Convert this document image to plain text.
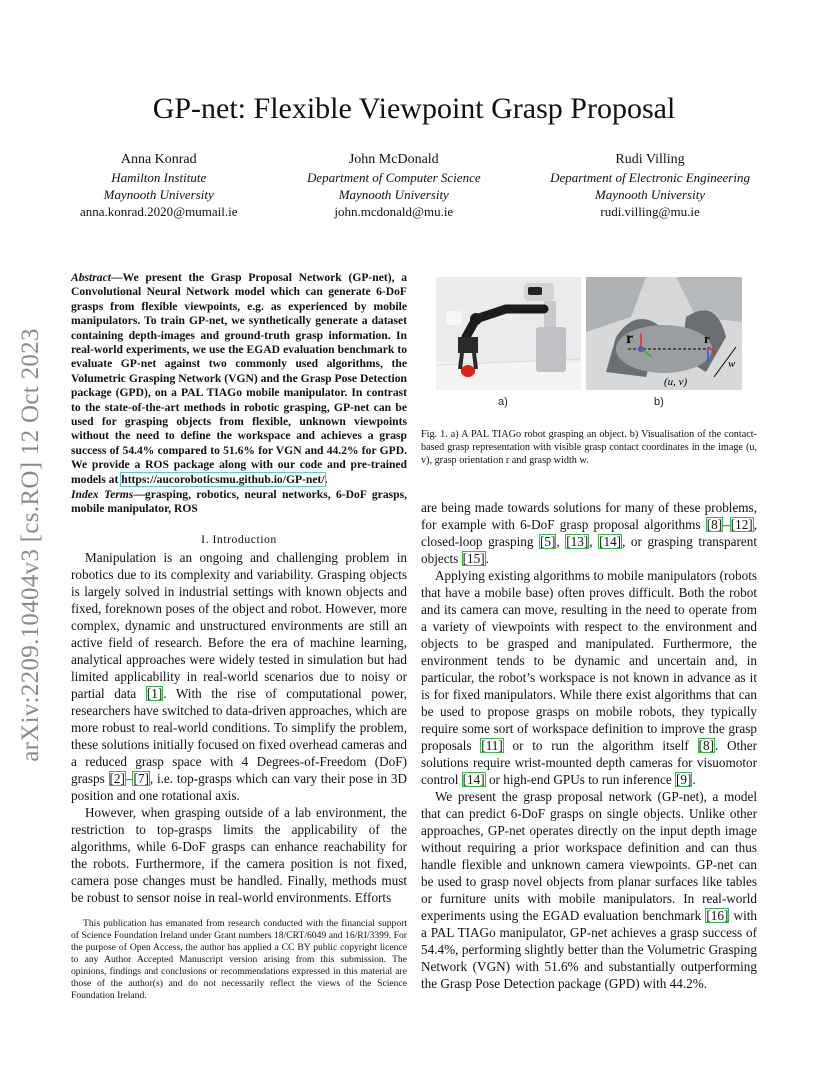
arXiv:2209.10404v3 [cs.RO] 12 Oct 2023
GP-net: Flexible Viewpoint Grasp Proposal
Anna Konrad
Hamilton Institute
Maynooth University
anna.konrad.2020@mumail.ie
John McDonald
Department of Computer Science
Maynooth University
john.mcdonald@mu.ie
Rudi Villing
Department of Electronic Engineering
Maynooth University
rudi.villing@mu.ie
Abstract—We present the Grasp Proposal Network (GP-net), a Convolutional Neural Network model which can generate 6-DoF grasps from flexible viewpoints, e.g. as experienced by mobile manipulators. To train GP-net, we synthetically generate a dataset containing depth-images and ground-truth grasp information. In real-world experiments, we use the EGAD evaluation benchmark to evaluate GP-net against two commonly used algorithms, the Volumetric Grasping Network (VGN) and the Grasp Pose Detection package (GPD), on a PAL TIAGo mobile manipulator. In contrast to the state-of-the-art methods in robotic grasping, GP-net can be used for grasping objects from flexible, unknown viewpoints without the need to define the workspace and achieves a grasp success of 54.4% compared to 51.6% for VGN and 44.2% for GPD. We provide a ROS package along with our code and pre-trained models at https://aucoroboticsmu.github.io/GP-net/.
Index Terms—grasping, robotics, neural networks, 6-DoF grasps, mobile manipulator, ROS
I. Introduction

Manipulation is an ongoing and challenging problem in robotics due to its complexity and variability. Grasping objects is largely solved in industrial settings with known objects and fixed, foreknown poses of the object and robot. However, more complex, dynamic and unstructured environments are still an active field of research. Before the era of machine learning, analytical approaches were widely tested in simulation but had limited applicability in real-world scenarios due to noisy or partial data [1]. With the rise of computational power, researchers have switched to data-driven approaches, which are more robust to real-world conditions. To simplify the problem, these solutions initially focused on fixed overhead cameras and a reduced grasp space with 4 Degrees-of-Freedom (DoF) grasps [2]–[7], i.e. top-grasps which can vary their pose in 3D position and one rotational axis.

However, when grasping outside of a lab environment, the restriction to top-grasps limits the applicability of the algorithms, while 6-DoF grasps can enhance reachability for the robots. Furthermore, if the camera position is not fixed, camera pose changes must be handled. Finally, methods must be robust to sensor noise in real-world environments. Efforts

This publication has emanated from research conducted with the financial support of Science Foundation Ireland under Grant numbers 18/CRT/6049 and 16/RI/3399. For the purpose of Open Access, the author has applied a CC BY public copyright licence to any Author Accepted Manuscript version arising from this submission. The opinions, findings and conclusions or recommendations expressed in this material are those of the author(s) and do not necessarily reflect the views of the Science Foundation Ireland.
r	r
(u, v)
w
a)	b)
Fig. 1. a) A PAL TIAGo robot grasping an object. b) Visualisation of the contact-based grasp representation with visible grasp contact coordinates in the image (u, v), grasp orientation r and grasp width w.

are being made towards solutions for many of these problems, for example with 6-DoF grasp proposal algorithms [8]–[12], closed-loop grasping [5], [13], [14], or grasping transparent objects [15].

Applying existing algorithms to mobile manipulators (robots that have a mobile base) often proves difficult. Both the robot and its camera can move, resulting in the need to operate from a variety of viewpoints with respect to the environment and objects to be grasped and manipulated. Furthermore, the environment tends to be dynamic and uncertain and, in particular, the robot’s workspace is not known in advance as it is for fixed manipulators. While there exist algorithms that can be used to propose grasps on mobile robots, they typically require some sort of workspace definition to improve the grasp proposals [11] or to run the algorithm itself [8]. Other solutions require wrist-mounted depth cameras for visuomotor control [14] or high-end GPUs to run inference [9].

We present the grasp proposal network (GP-net), a model that can predict 6-DoF grasps on single objects. Unlike other approaches, GP-net operates directly on the input depth image without requiring a prior workspace definition and can thus handle flexible and unknown camera viewpoints. GP-net can be used to grasp novel objects from planar surfaces like tables or furniture units with mobile manipulators. In real-world experiments using the EGAD evaluation benchmark [16] with a PAL TIAGo manipulator, GP-net achieves a grasp success of 54.4%, performing slightly better than the Volumetric Grasping Network (VGN) with 51.6% and substantially outperforming the Grasp Pose Detection package (GPD) with 44.2%.
